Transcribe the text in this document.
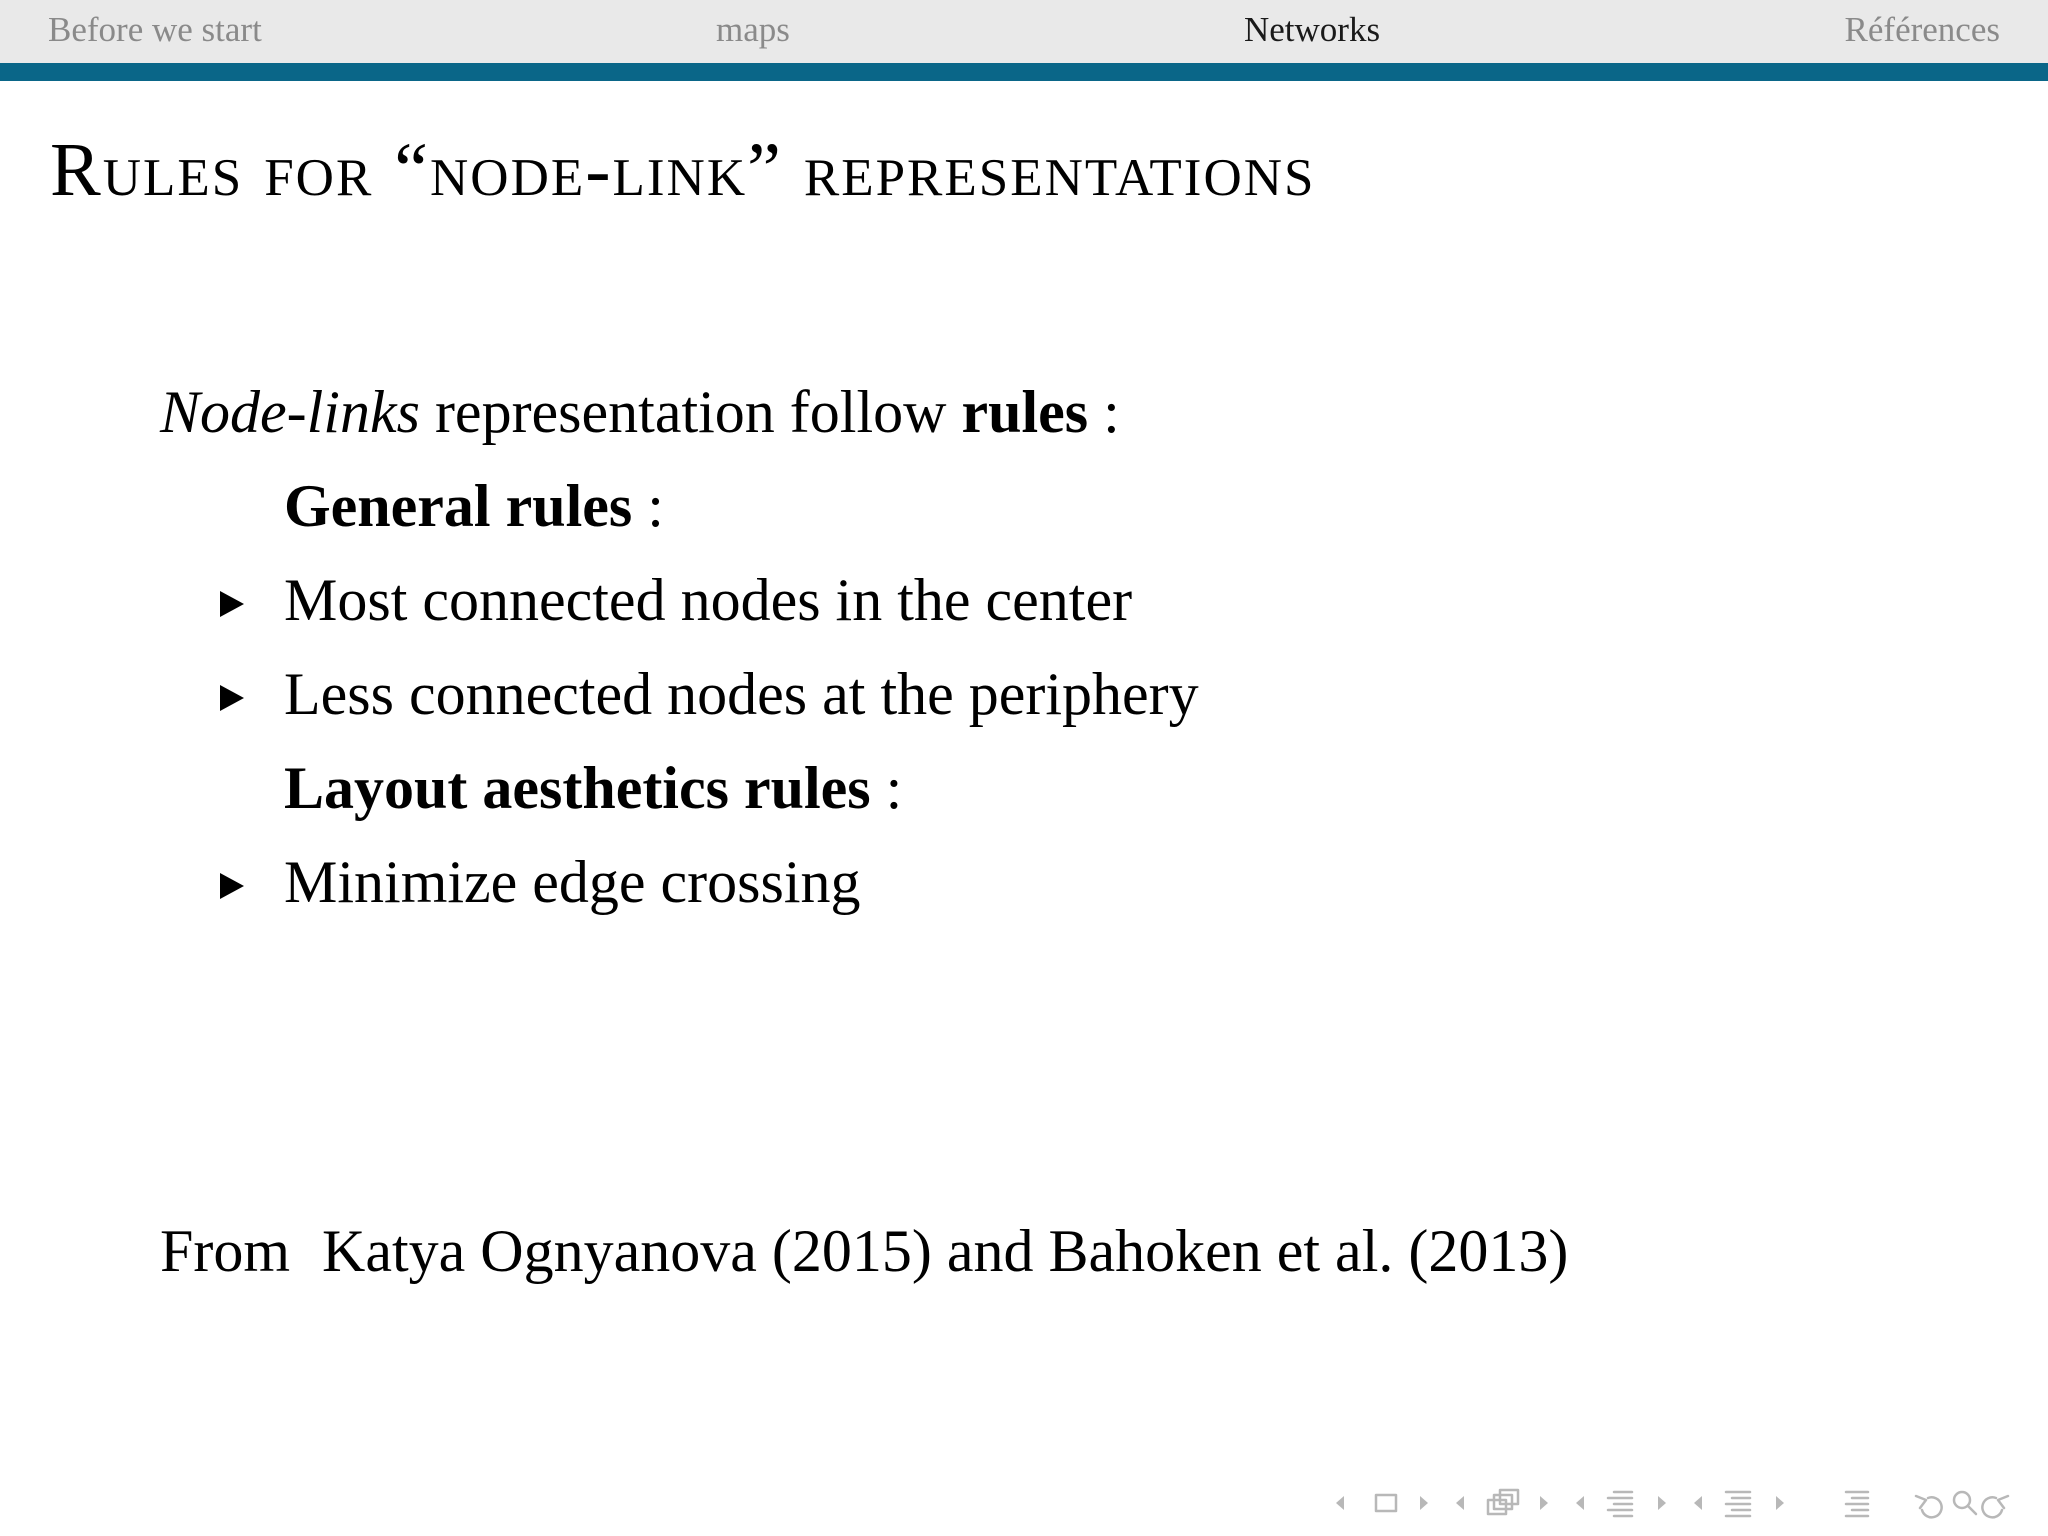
Before we start	maps	Networks	Références
Rules for “node-link” representations
Node-links representation follow rules :
General rules :
Most connected nodes in the center
Less connected nodes at the periphery
Layout aesthetics rules :
Minimize edge crossing
From Katya Ognyanova (2015) and Bahoken et al. (2013)
